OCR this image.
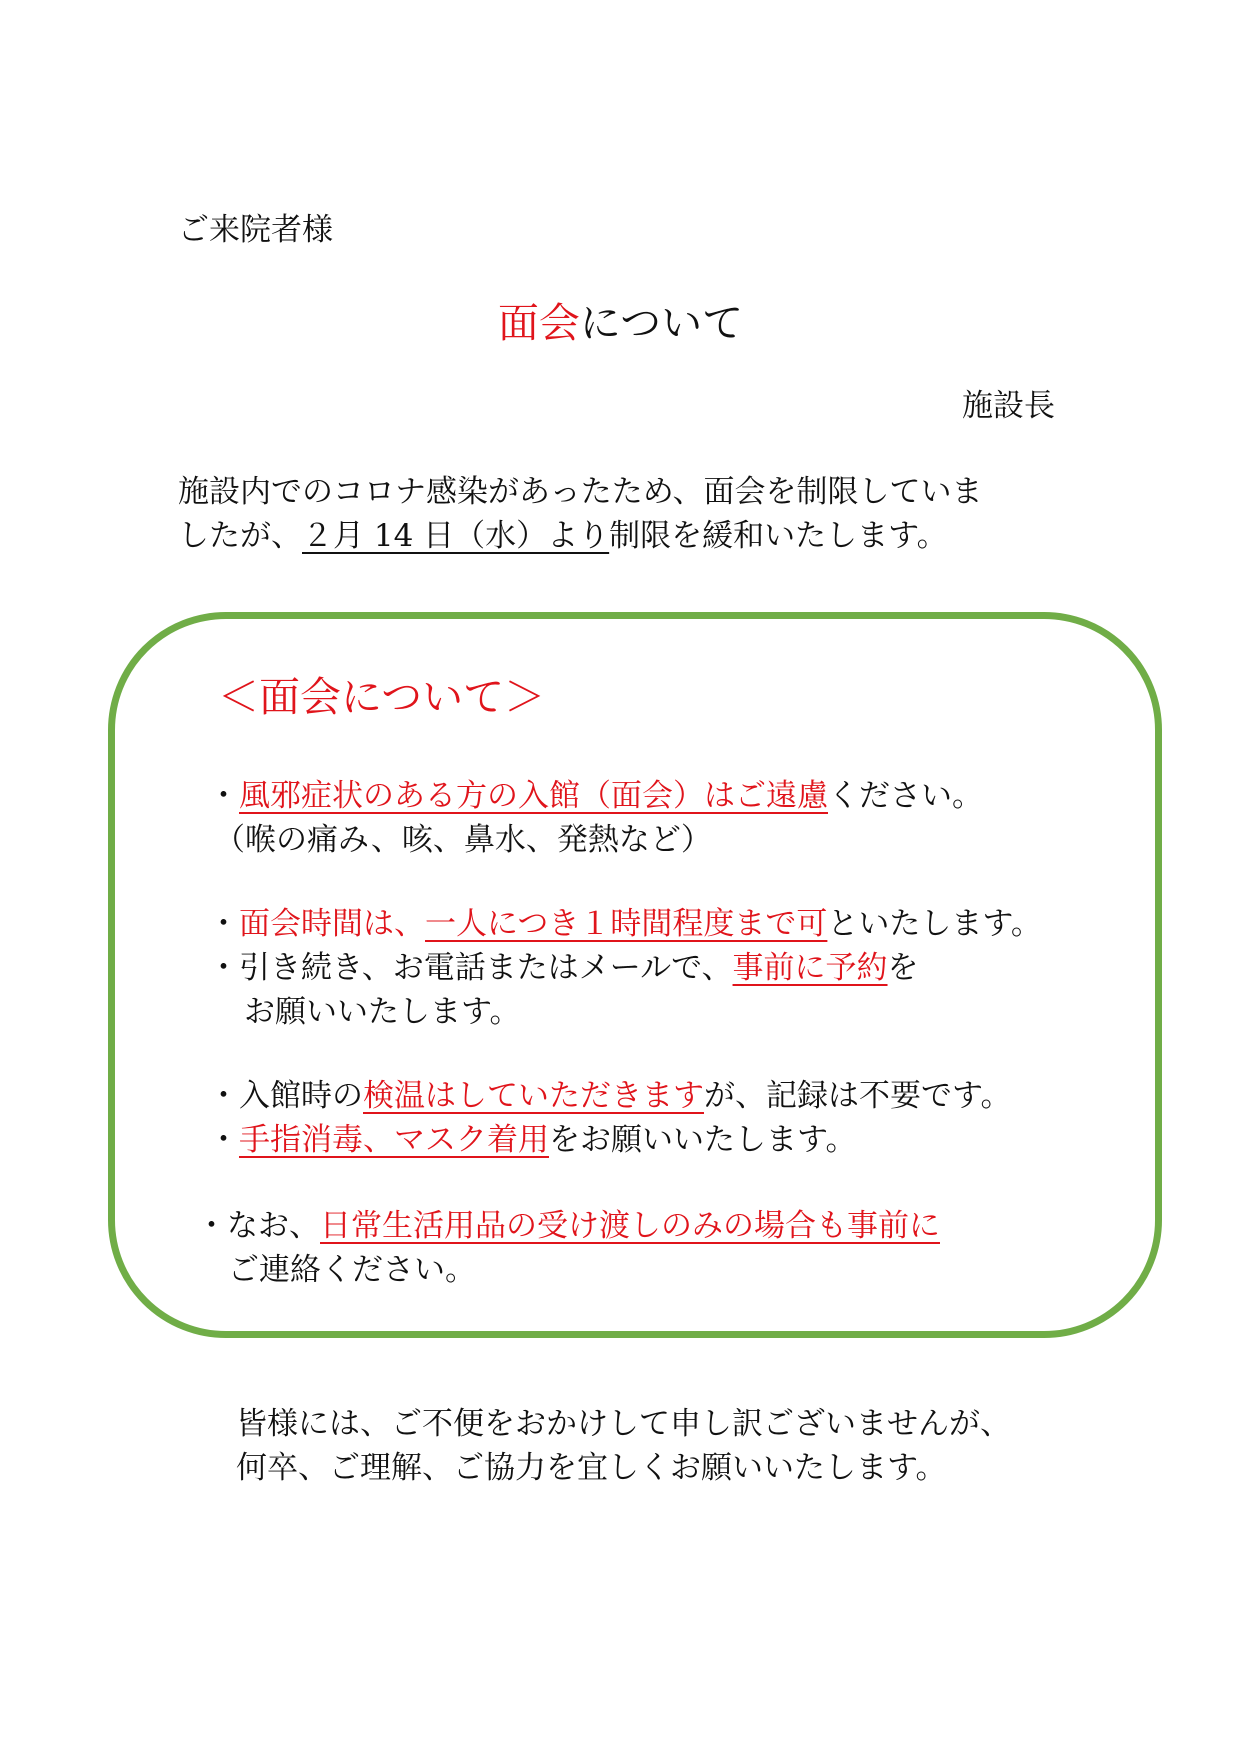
ご来院者様
面会について
施設長
施設内でのコロナ感染があったため、面会を制限していま
したが、２月 14 日（水）より制限を緩和いたします。
＜面会について＞
・風邪症状のある方の入館（面会）はご遠慮ください。
（喉の痛み、咳、鼻水、発熱など）
・面会時間は、一人につき１時間程度まで可といたします。
・引き続き、お電話またはメールで、事前に予約を
お願いいたします。
・入館時の検温はしていただきますが、記録は不要です。
・手指消毒、マスク着用をお願いいたします。
・なお、日常生活用品の受け渡しのみの場合も事前に
ご連絡ください。
皆様には、ご不便をおかけして申し訳ございませんが、
何卒、ご理解、ご協力を宜しくお願いいたします。
